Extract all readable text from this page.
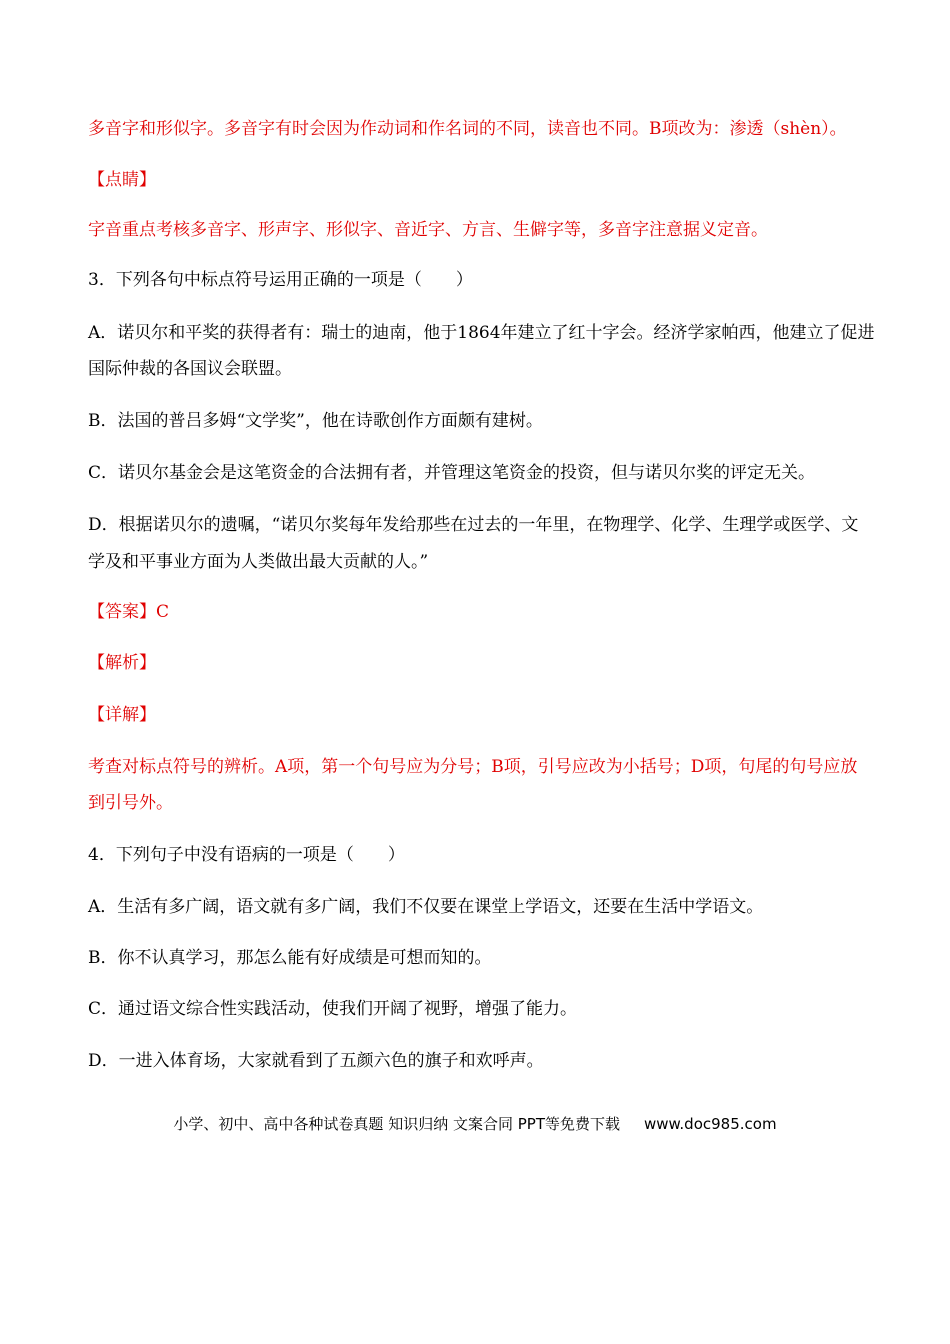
多音字和形似字。多音字有时会因为作动词和作名词的不同，读音也不同。B项改为：渗透（shèn）。
【点睛】
字音重点考核多音字、形声字、形似字、音近字、方言、生僻字等，多音字注意据义定音。
3．下列各句中标点符号运用正确的一项是（　　）
A．诺贝尔和平奖的获得者有：瑞士的迪南，他于1864年建立了红十字会。经济学家帕西，他建立了促进
国际仲裁的各国议会联盟。
B．法国的普吕多姆“文学奖”，他在诗歌创作方面颇有建树。
C．诺贝尔基金会是这笔资金的合法拥有者，并管理这笔资金的投资，但与诺贝尔奖的评定无关。
D．根据诺贝尔的遗嘱，“诺贝尔奖每年发给那些在过去的一年里，在物理学、化学、生理学或医学、文
学及和平事业方面为人类做出最大贡献的人。”
【答案】C
【解析】
【详解】
考查对标点符号的辨析。A项，第一个句号应为分号；B项，引号应改为小括号；D项，句尾的句号应放
到引号外。
4．下列句子中没有语病的一项是（　　）
A．生活有多广阔，语文就有多广阔，我们不仅要在课堂上学语文，还要在生活中学语文。
B．你不认真学习，那怎么能有好成绩是可想而知的。
C．通过语文综合性实践活动，使我们开阔了视野，增强了能力。
D．一进入体育场，大家就看到了五颜六色的旗子和欢呼声。
小学、初中、高中各种试卷真题 知识归纳 文案合同 PPT等免费下载 www.doc985.com
